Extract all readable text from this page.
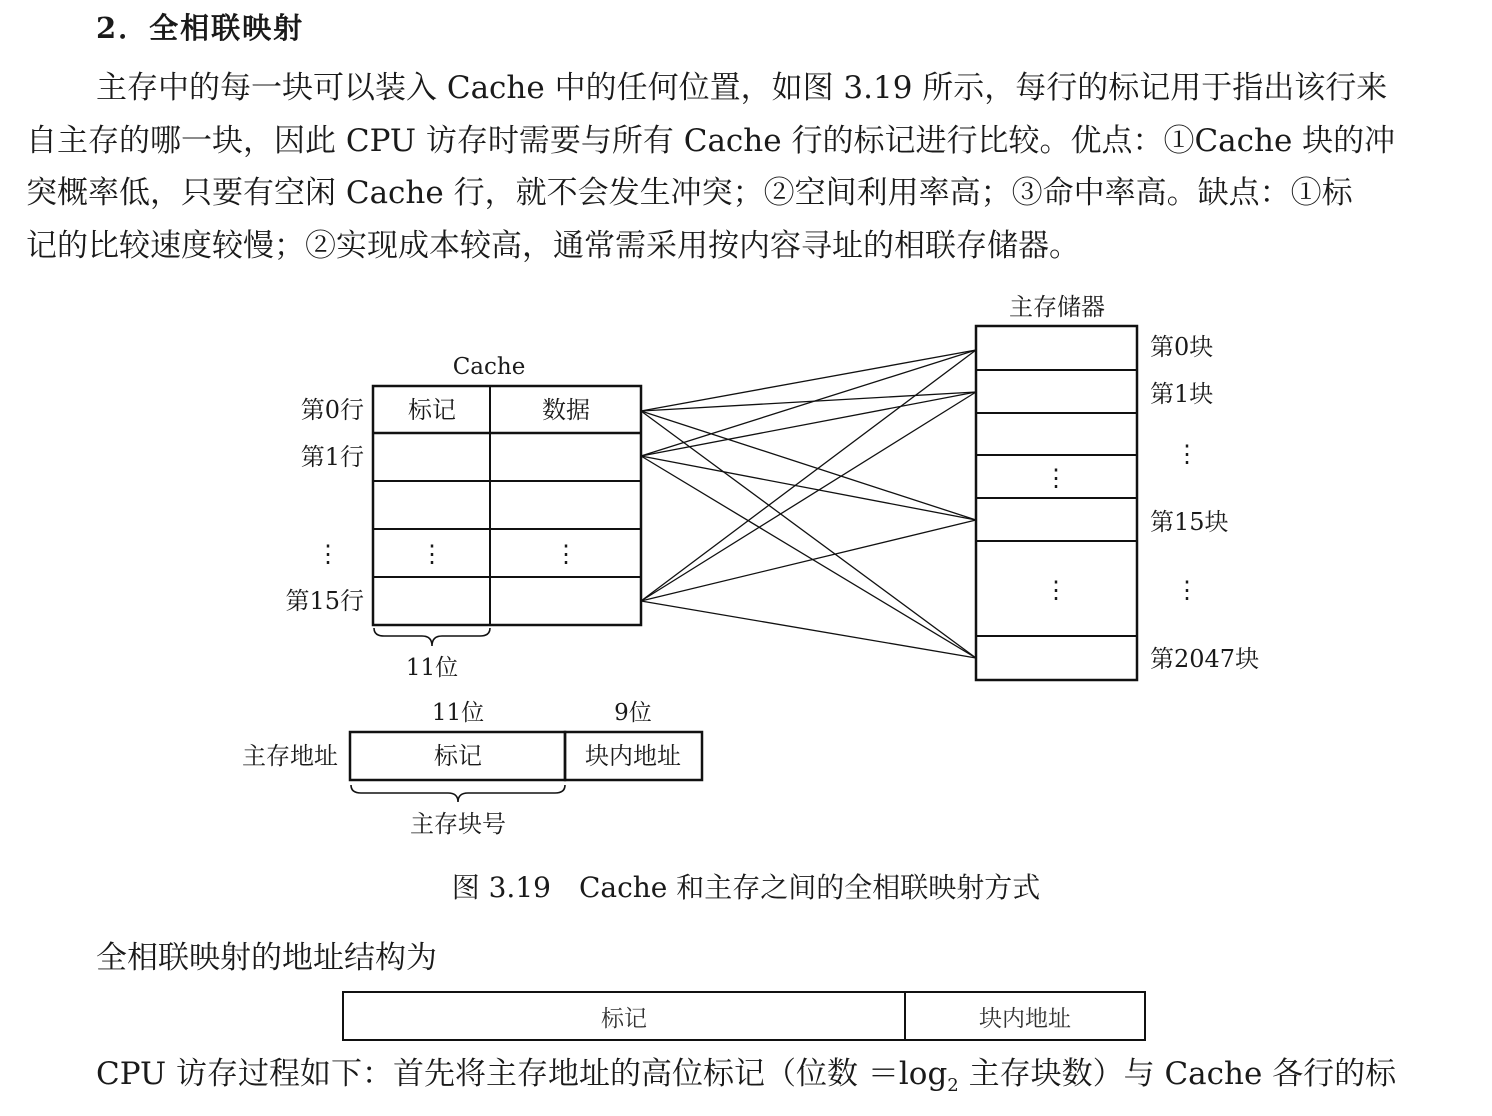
2．全相联映射
主存中的每一块可以装入 Cache 中的任何位置，如图 3.19 所示，每行的标记用于指出该行来
自主存的哪一块，因此 CPU 访存时需要与所有 Cache 行的标记进行比较。优点：①Cache 块的冲
突概率低，只要有空闲 Cache 行，就不会发生冲突；②空间利用率高；③命中率高。缺点：①标
记的比较速度较慢；②实现成本较高，通常需采用按内容寻址的相联存储器。
Cache
标记	数据
⋮	⋮
第0行
第1行
⋮
第15行
11位
主存储器
⋮
⋮
第0块
第1块
⋮
第15块
⋮
第2047块
11位	9位
主存地址	标记	块内地址
主存块号
图 3.19　Cache 和主存之间的全相联映射方式
全相联映射的地址结构为
标记	块内地址
CPU 访存过程如下：首先将主存地址的高位标记（位数 $=\log_2$ 主存块数）与 Cache 各行的标
